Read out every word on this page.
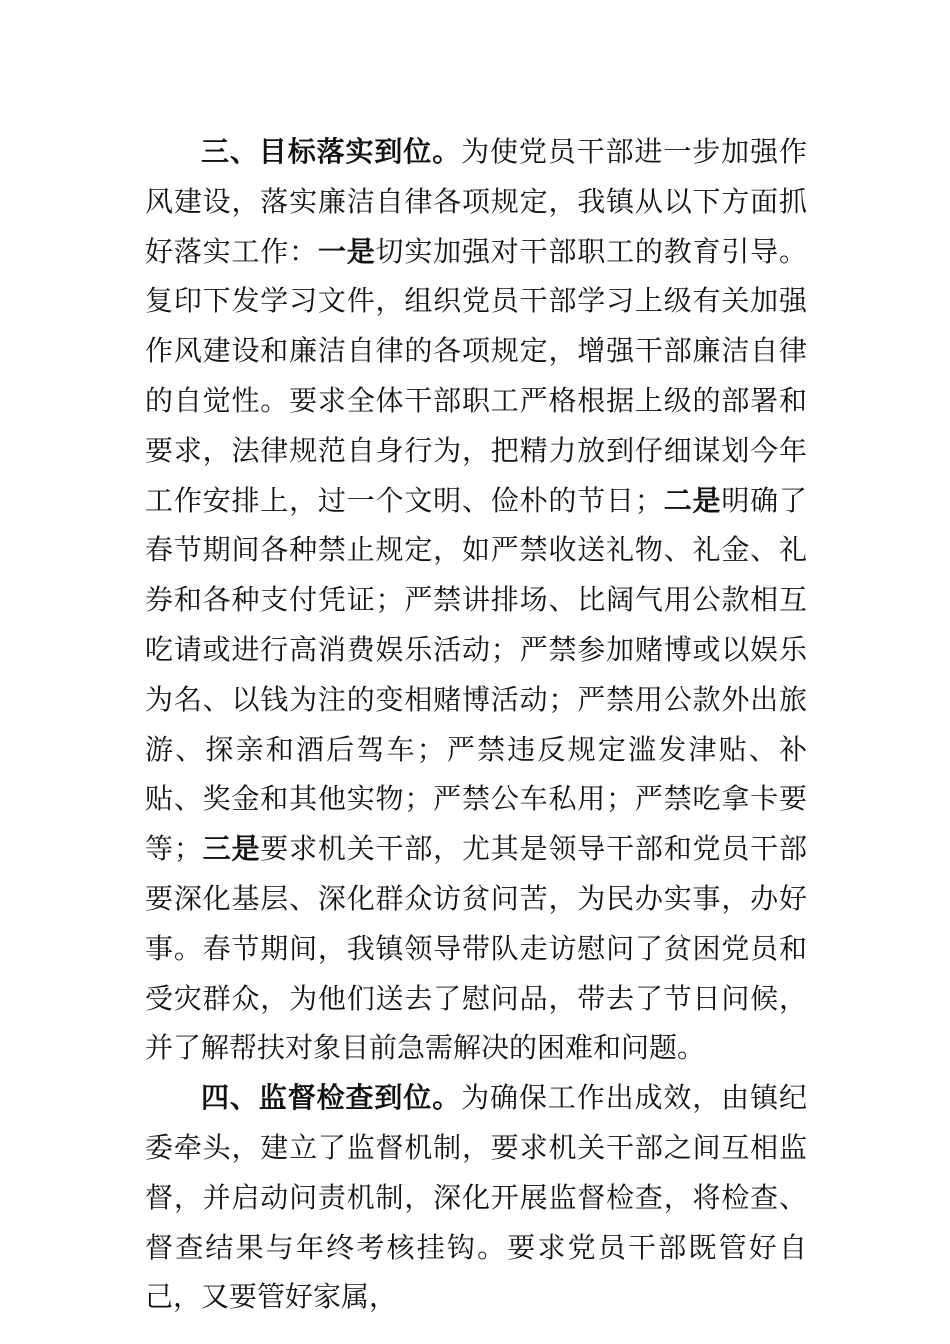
三、目标落实到位。为使党员干部进一步加强作风建设，落实廉洁自律各项规定，我镇从以下方面抓好落实工作：一是切实加强对干部职工的教育引导。复印下发学习文件，组织党员干部学习上级有关加强作风建设和廉洁自律的各项规定，增强干部廉洁自律的自觉性。要求全体干部职工严格根据上级的部署和要求，法律规范自身行为，把精力放到仔细谋划今年工作安排上，过一个文明、俭朴的节日；二是明确了春节期间各种禁止规定，如严禁收送礼物、礼金、礼券和各种支付凭证；严禁讲排场、比阔气用公款相互吃请或进行高消费娱乐活动；严禁参加赌博或以娱乐为名、以钱为注的变相赌博活动；严禁用公款外出旅游、探亲和酒后驾车；严禁违反规定滥发津贴、补贴、奖金和其他实物；严禁公车私用；严禁吃拿卡要等；三是要求机关干部，尤其是领导干部和党员干部要深化基层、深化群众访贫问苦，为民办实事，办好事。春节期间，我镇领导带队走访慰问了贫困党员和受灾群众，为他们送去了慰问品，带去了节日问候，并了解帮扶对象目前急需解决的困难和问题。

四、监督检查到位。为确保工作出成效，由镇纪委牵头，建立了监督机制，要求机关干部之间互相监督，并启动问责机制，深化开展监督检查，将检查、督查结果与年终考核挂钩。要求党员干部既管好自己，又要管好家属，
